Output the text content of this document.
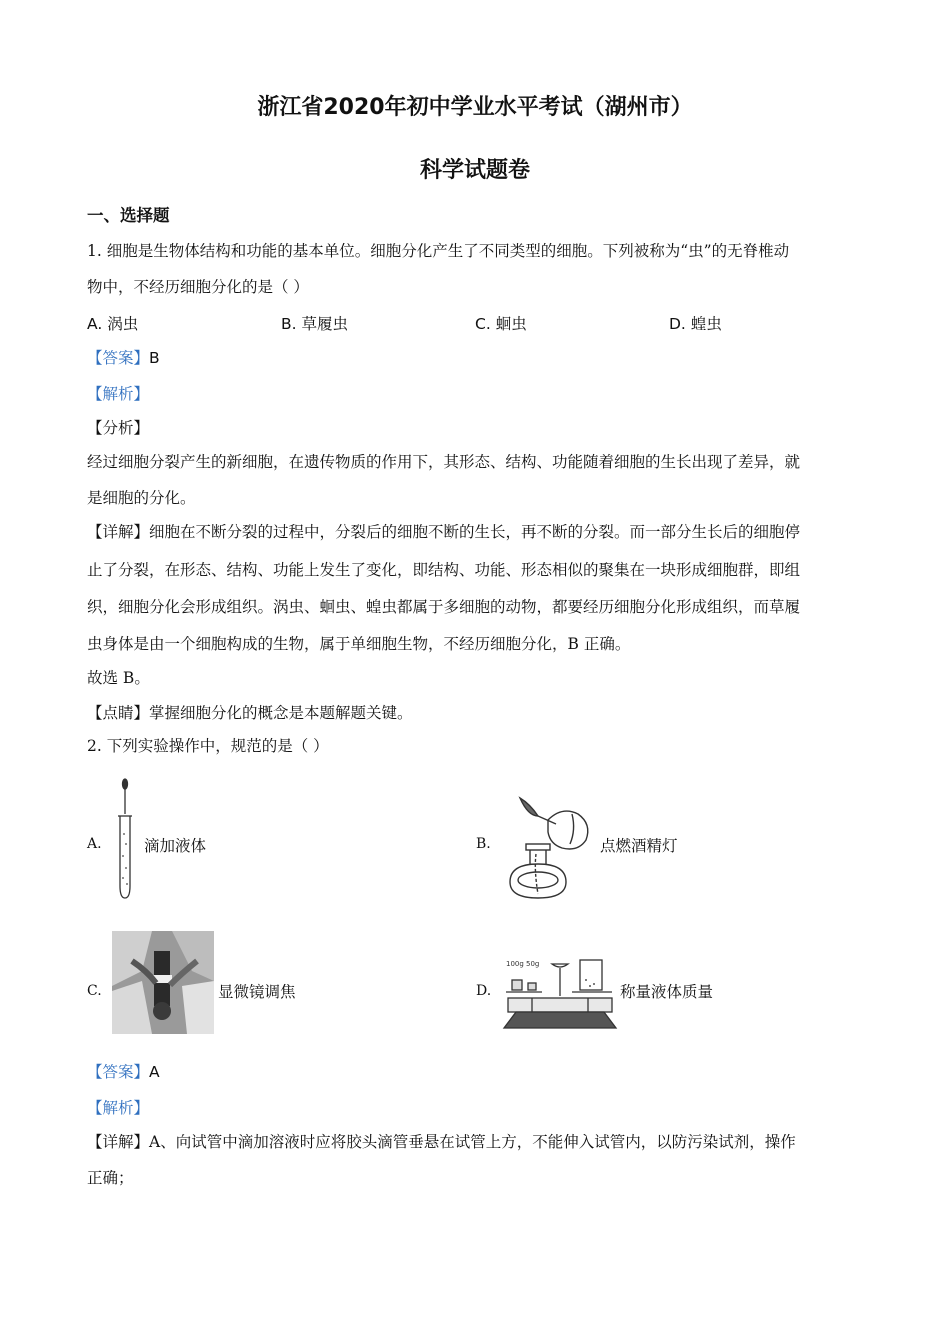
浙江省2020年初中学业水平考试（湖州市）
科学试题卷
一、选择题
1. 细胞是生物体结构和功能的基本单位。细胞分化产生了不同类型的细胞。下列被称为“虫”的无脊椎动
物中，不经历细胞分化的是（ ）
A. 涡虫	B. 草履虫	C. 蛔虫	D. 蝗虫
【答案】B
【解析】
【分析】
经过细胞分裂产生的新细胞，在遗传物质的作用下，其形态、结构、功能随着细胞的生长出现了差异，就
是细胞的分化。
【详解】细胞在不断分裂的过程中，分裂后的细胞不断的生长，再不断的分裂。而一部分生长后的细胞停
止了分裂，在形态、结构、功能上发生了变化，即结构、功能、形态相似的聚集在一块形成细胞群，即组
织，细胞分化会形成组织。涡虫、蛔虫、蝗虫都属于多细胞的动物，都要经历细胞分化形成组织，而草履
虫身体是由一个细胞构成的生物，属于单细胞生物，不经历细胞分化，B 正确。
故选 B。
【点睛】掌握细胞分化的概念是本题解题关键。
2. 下列实验操作中，规范的是（ ）
A.	滴加液体	B.	点燃酒精灯
C.	显微镜调焦	D.
100g 50g
称量液体质量
【答案】A
【解析】
【详解】A、向试管中滴加溶液时应将胶头滴管垂悬在试管上方，不能伸入试管内，以防污染试剂，操作
正确；
